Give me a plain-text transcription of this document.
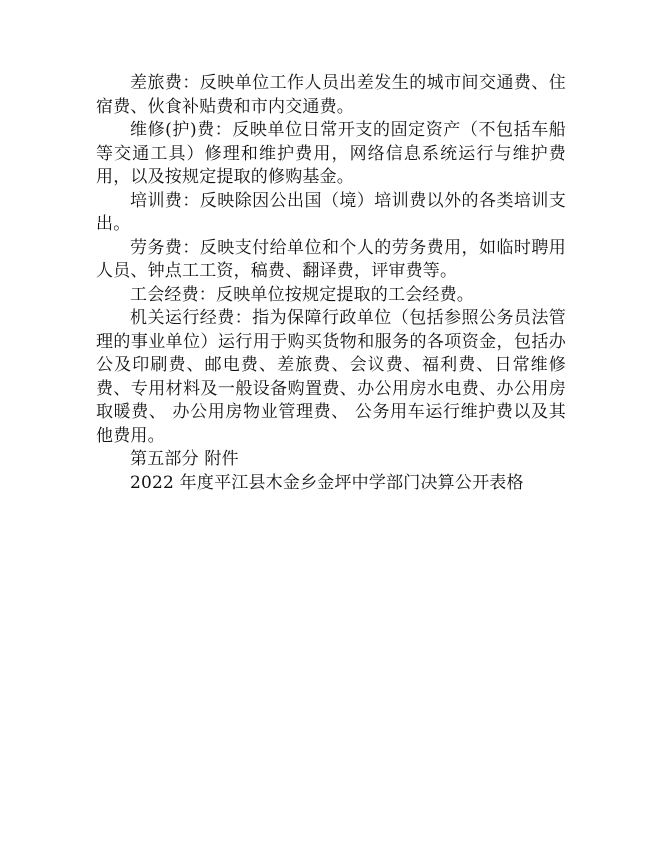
差旅费：反映单位工作人员出差发生的城市间交通费、住宿费、伙食补贴费和市内交通费。

维修(护)费：反映单位日常开支的固定资产（不包括车船等交通工具）修理和维护费用，网络信息系统运行与维护费用，以及按规定提取的修购基金。

培训费：反映除因公出国（境）培训费以外的各类培训支出。

劳务费：反映支付给单位和个人的劳务费用，如临时聘用人员、钟点工工资，稿费、翻译费，评审费等。

工会经费：反映单位按规定提取的工会经费。

机关运行经费：指为保障行政单位（包括参照公务员法管理的事业单位）运行用于购买货物和服务的各项资金，包括办公及印刷费、邮电费、差旅费、会议费、福利费、日常维修费、专用材料及一般设备购置费、办公用房水电费、办公用房取暖费、 办公用房物业管理费、 公务用车运行维护费以及其他费用。

第五部分 附件

2022 年度平江县木金乡金坪中学部门决算公开表格
